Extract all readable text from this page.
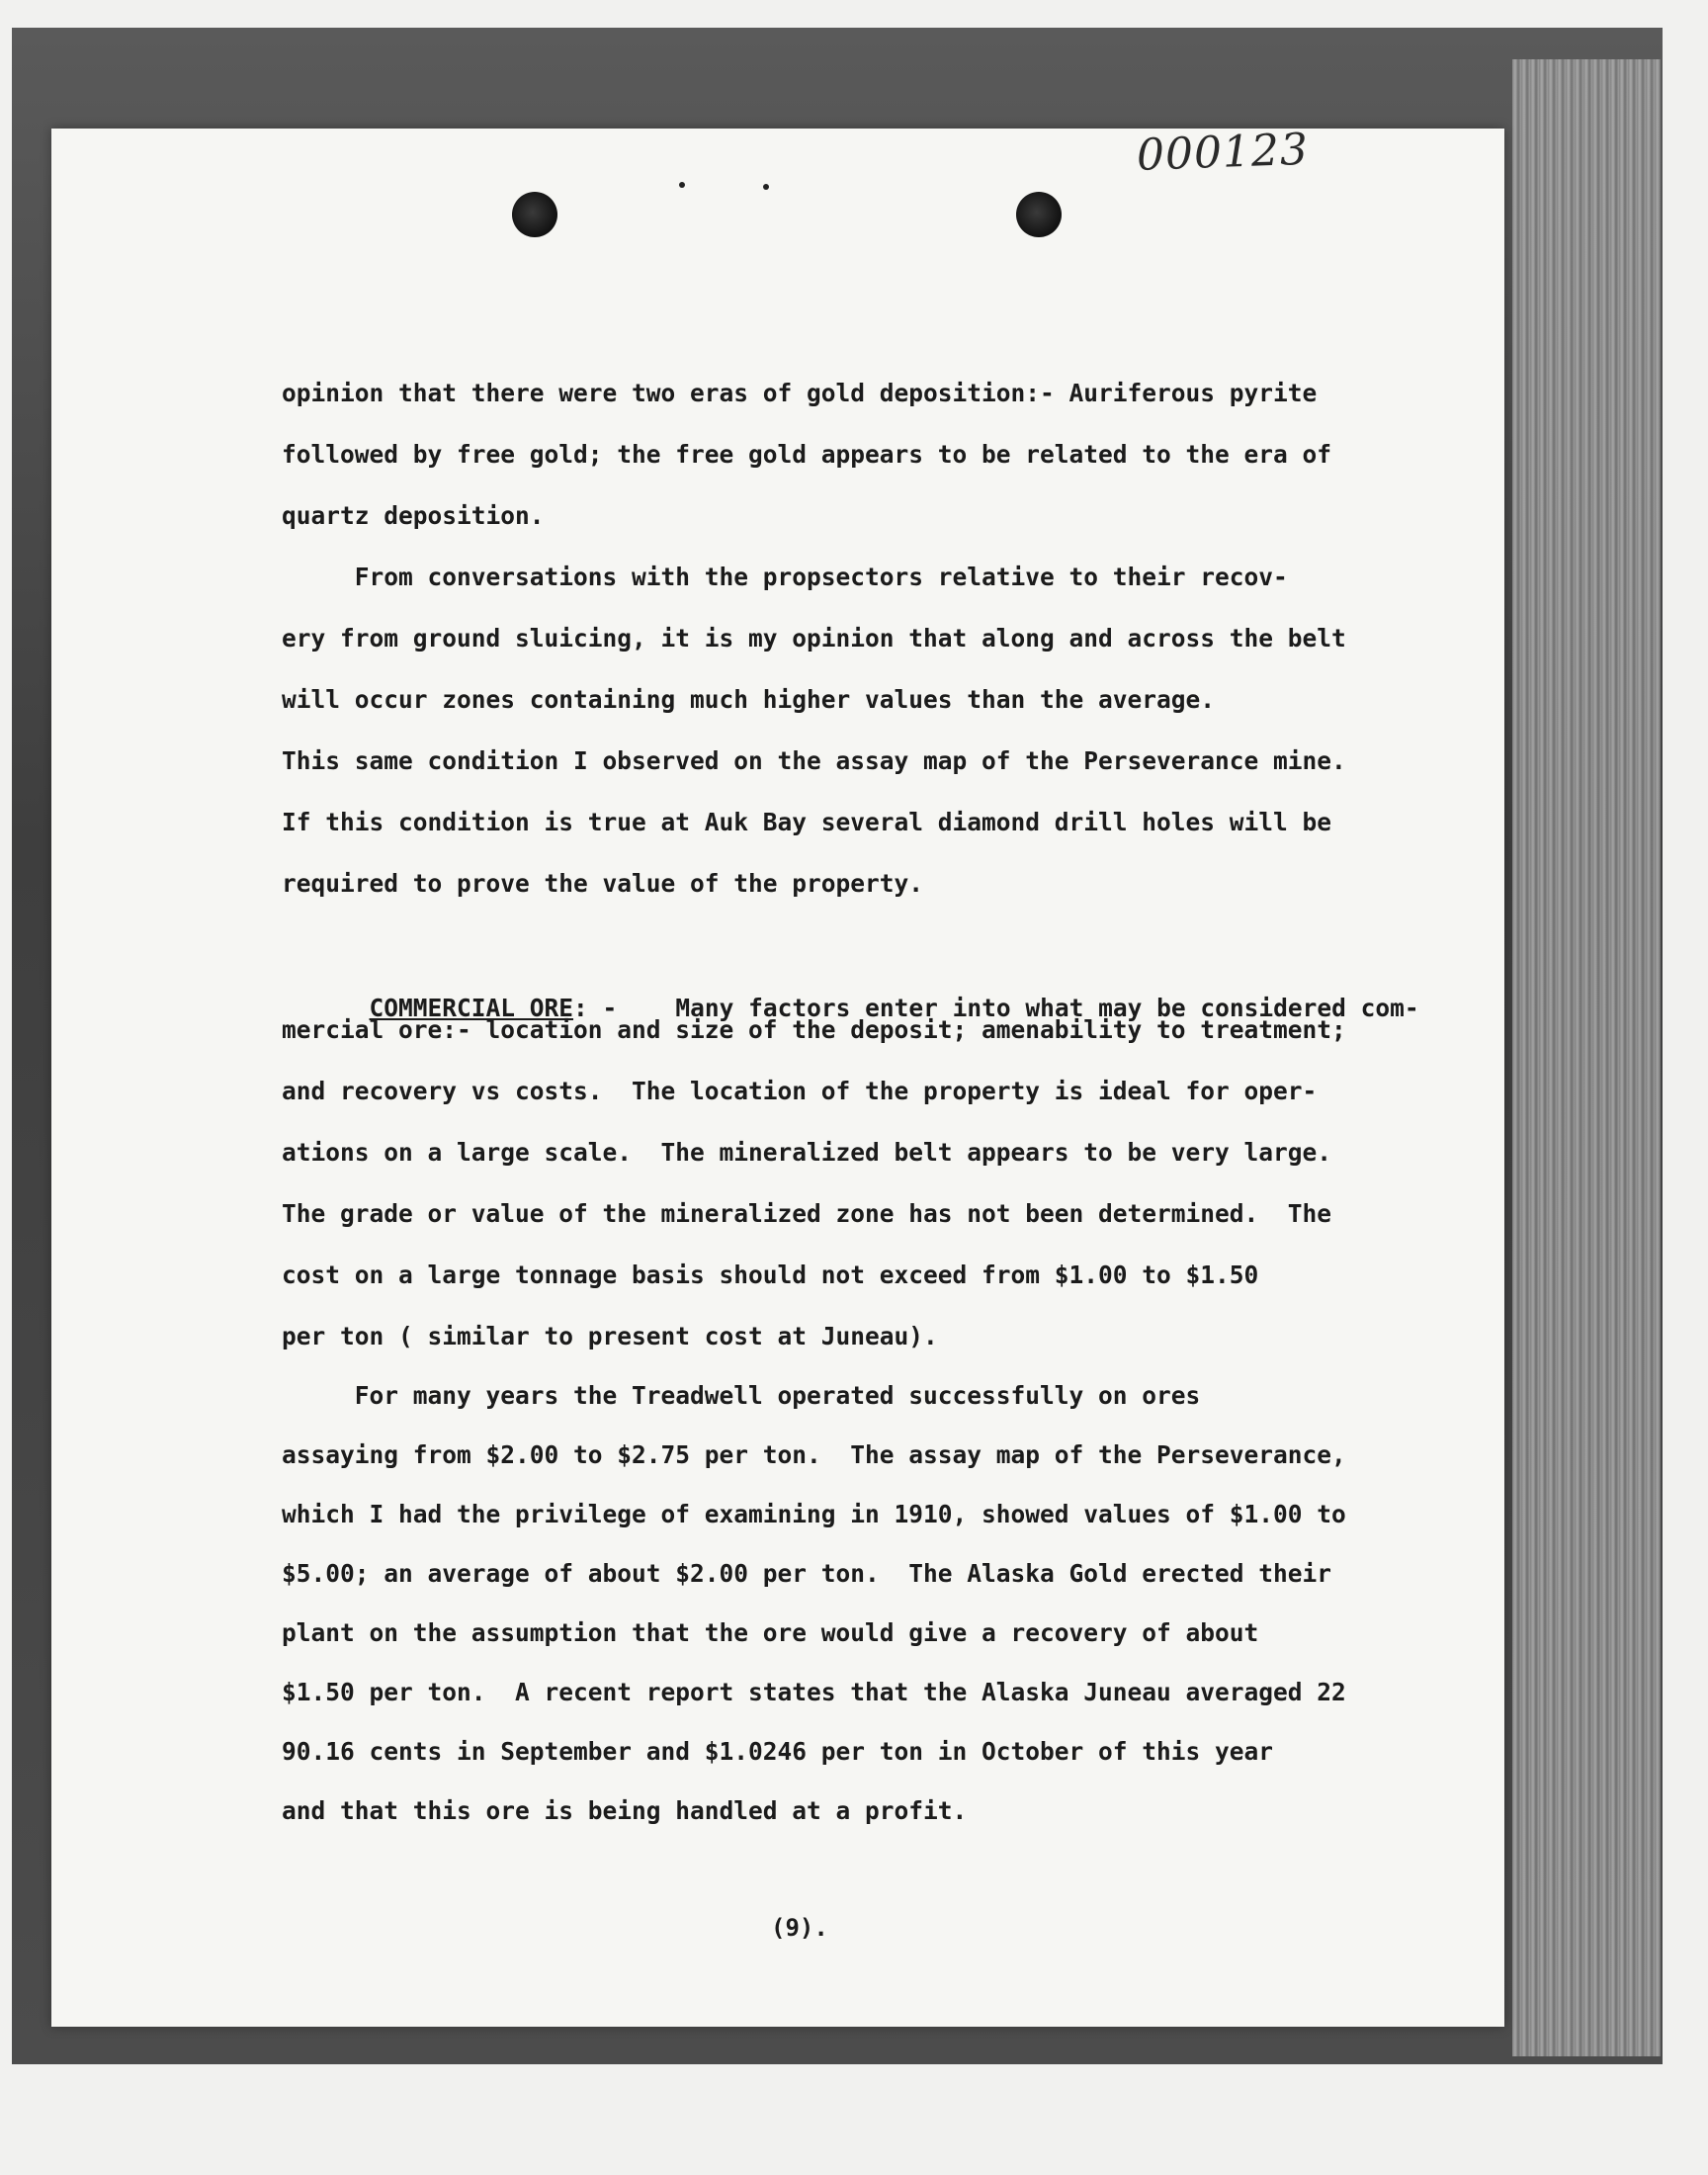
000123

opinion that there were two eras of gold deposition:- Auriferous pyrite

followed by free gold; the free gold appears to be related to the era of

quartz deposition.

From conversations with the propsectors relative to their recov-

ery from ground sluicing, it is my opinion that along and across the belt

will occur zones containing much higher values than the average.

This same condition I observed on the assay map of the Perseverance mine.

If this condition is true at Auk Bay several diamond drill holes will be

required to prove the value of the property.

COMMERCIAL ORE: - Many factors enter into what may be considered com-

mercial ore:- location and size of the deposit; amenability to treatment;

and recovery vs costs.  The location of the property is ideal for oper-

ations on a large scale.  The mineralized belt appears to be very large.

The grade or value of the mineralized zone has not been determined.  The

cost on a large tonnage basis should not exceed from $1.00 to $1.50

per ton ( similar to present cost at Juneau).

For many years the Treadwell operated successfully on ores

assaying from $2.00 to $2.75 per ton.  The assay map of the Perseverance,

which I had the privilege of examining in 1910, showed values of $1.00 to

$5.00; an average of about $2.00 per ton.  The Alaska Gold erected their

plant on the assumption that the ore would give a recovery of about

$1.50 per ton.  A recent report states that the Alaska Juneau averaged 22

90.16 cents in September and $1.0246 per ton in October of this year

and that this ore is being handled at a profit.

(9).
